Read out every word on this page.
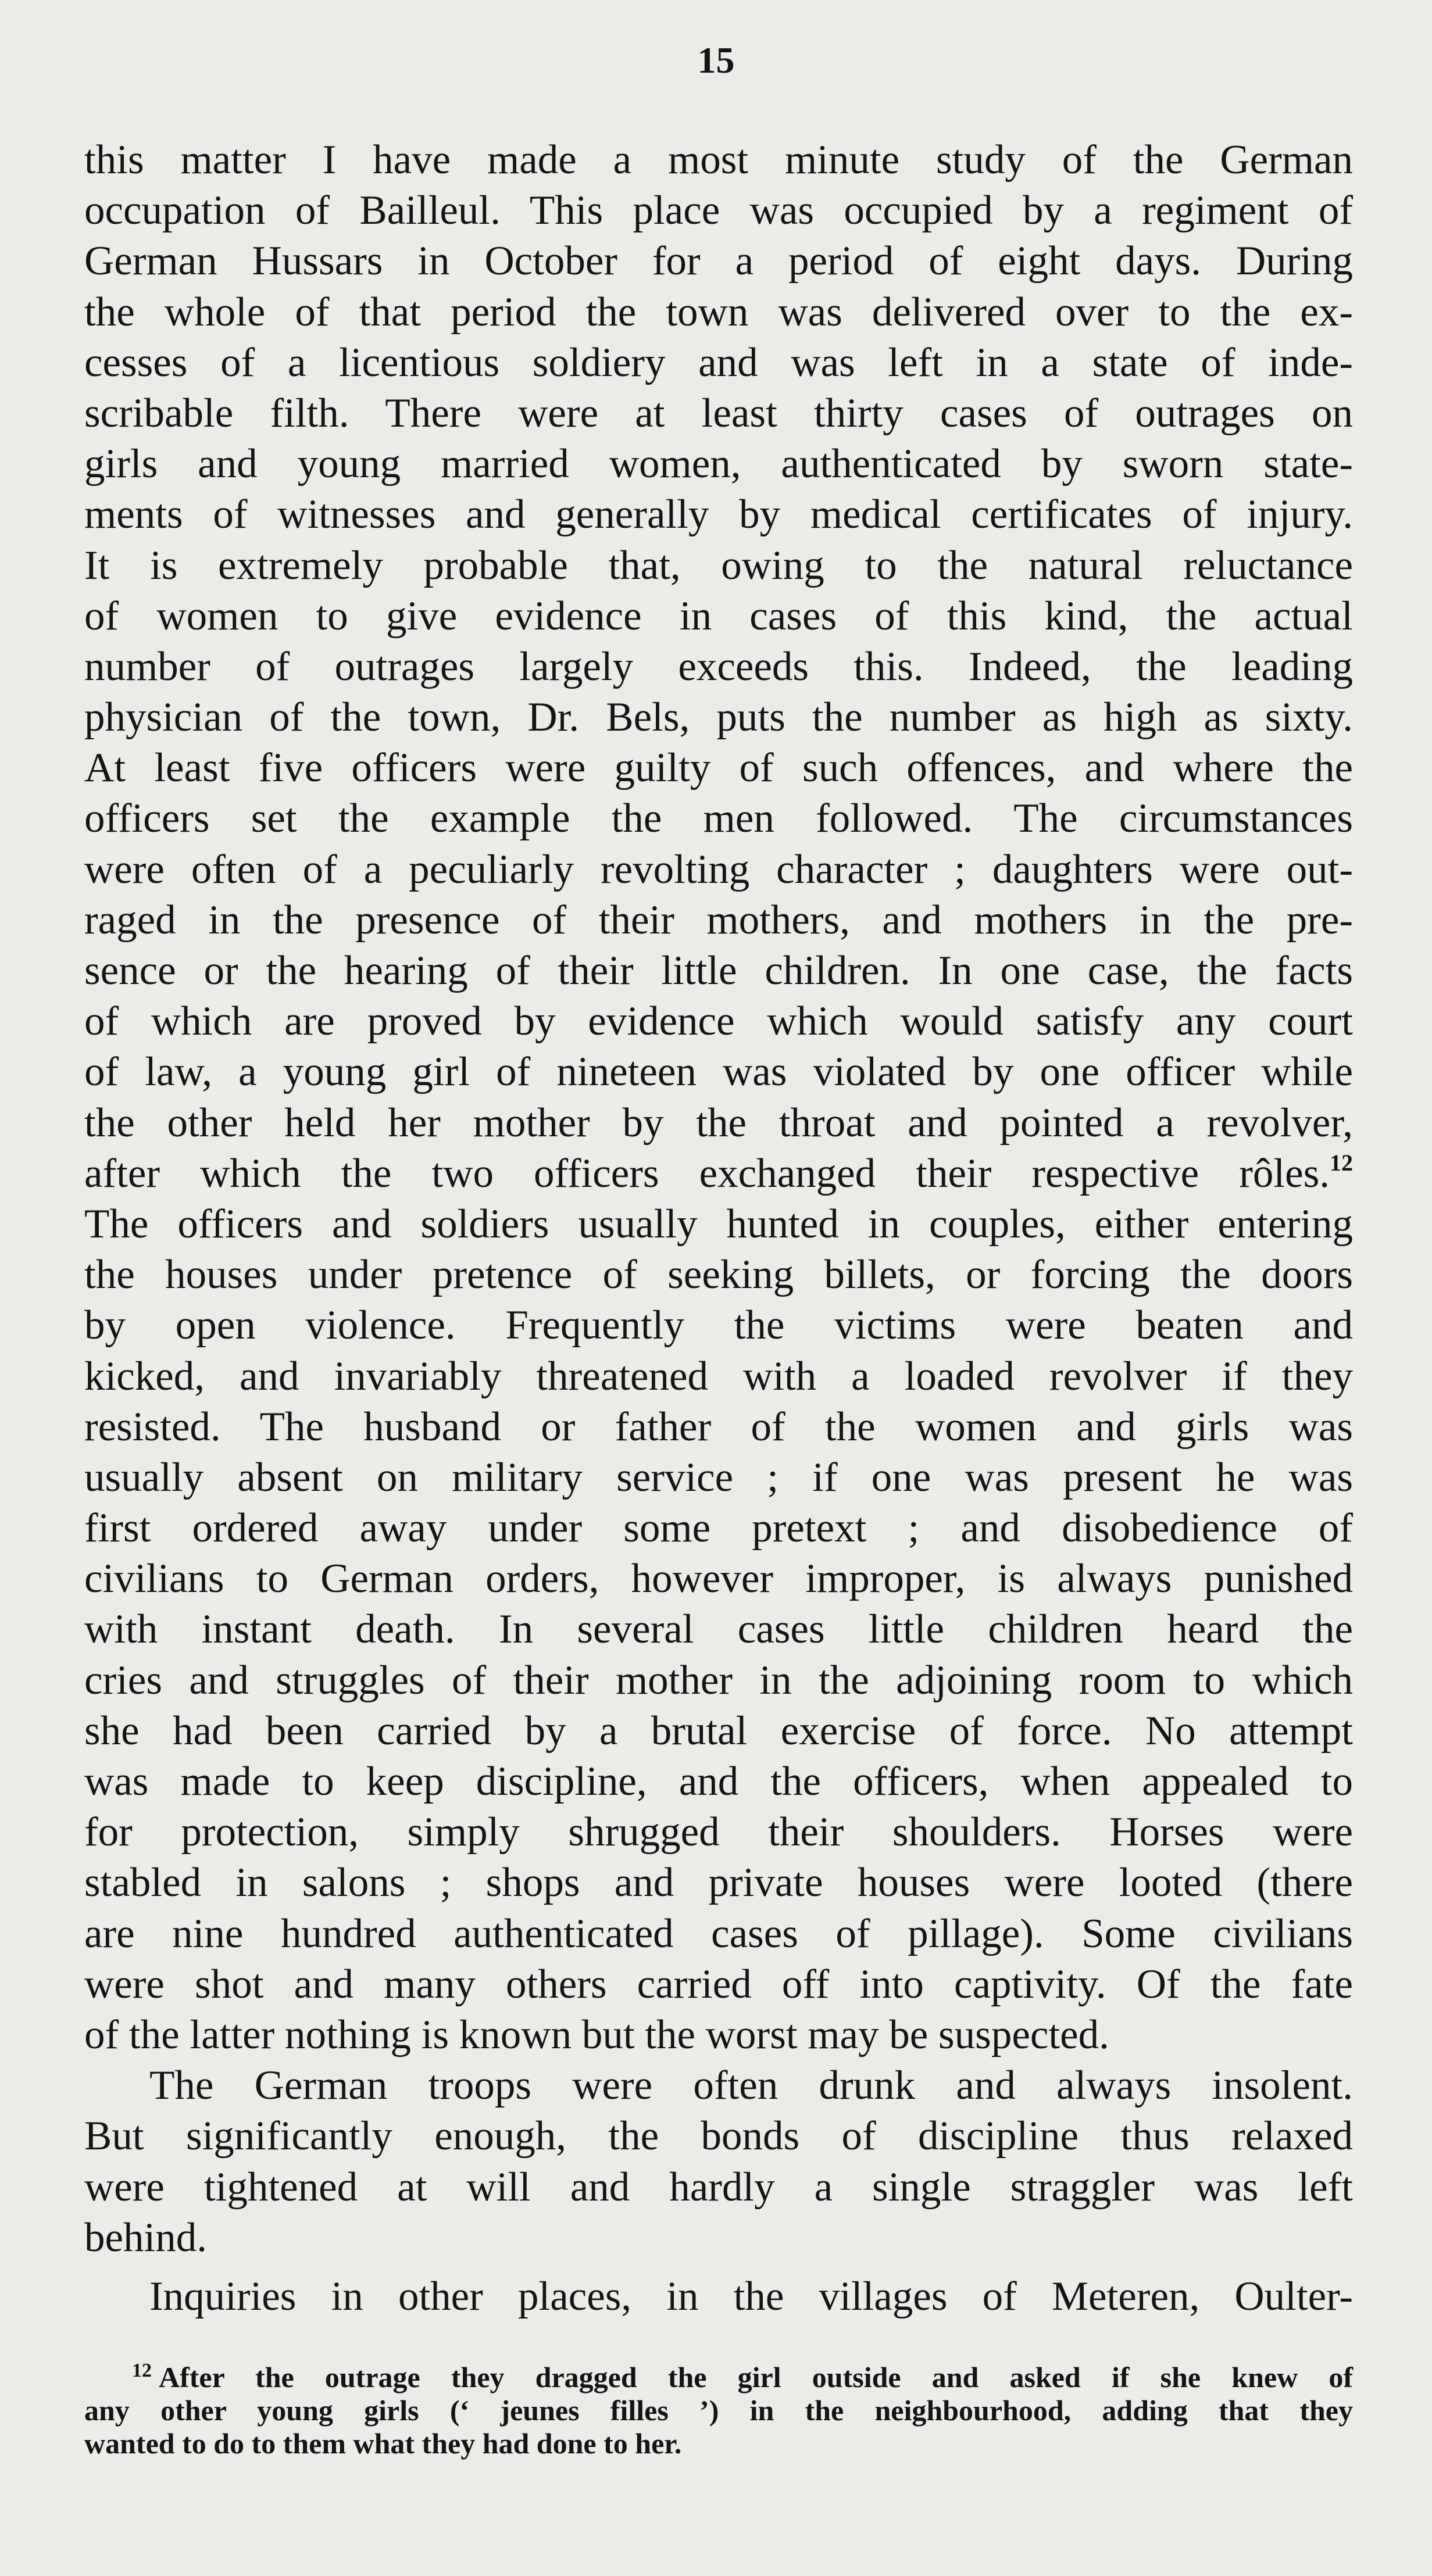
15
this matter I have made a most minute study of the German
occupation of Bailleul. This place was occupied by a regiment of
German Hussars in October for a period of eight days. During
the whole of that period the town was delivered over to the ex-
cesses of a licentious soldiery and was left in a state of inde-
scribable filth. There were at least thirty cases of outrages on
girls and young married women, authenticated by sworn state-
ments of witnesses and generally by medical certificates of injury.
It is extremely probable that, owing to the natural reluctance
of women to give evidence in cases of this kind, the actual
number of outrages largely exceeds this. Indeed, the leading
physician of the town, Dr. Bels, puts the number as high as sixty.
At least five officers were guilty of such offences, and where the
officers set the example the men followed. The circumstances
were often of a peculiarly revolting character ; daughters were out-
raged in the presence of their mothers, and mothers in the pre-
sence or the hearing of their little children. In one case, the facts
of which are proved by evidence which would satisfy any court
of law, a young girl of nineteen was violated by one officer while
the other held her mother by the throat and pointed a revolver,
after which the two officers exchanged their respective rôles.$^{12}$
The officers and soldiers usually hunted in couples, either entering
the houses under pretence of seeking billets, or forcing the doors
by open violence. Frequently the victims were beaten and
kicked, and invariably threatened with a loaded revolver if they
resisted. The husband or father of the women and girls was
usually absent on military service ; if one was present he was
first ordered away under some pretext ; and disobedience of
civilians to German orders, however improper, is always punished
with instant death. In several cases little children heard the
cries and struggles of their mother in the adjoining room to which
she had been carried by a brutal exercise of force. No attempt
was made to keep discipline, and the officers, when appealed to
for protection, simply shrugged their shoulders. Horses were
stabled in salons ; shops and private houses were looted (there
are nine hundred authenticated cases of pillage). Some civilians
were shot and many others carried off into captivity. Of the fate
of the latter nothing is known but the worst may be suspected.
The German troops were often drunk and always insolent.
But significantly enough, the bonds of discipline thus relaxed
were tightened at will and hardly a single straggler was left
behind.
Inquiries in other places, in the villages of Meteren, Oulter-
$^{12}$ After the outrage they dragged the girl outside and asked if she knew of
any other young girls (‘ jeunes filles ’) in the neighbourhood, adding that they
wanted to do to them what they had done to her.
